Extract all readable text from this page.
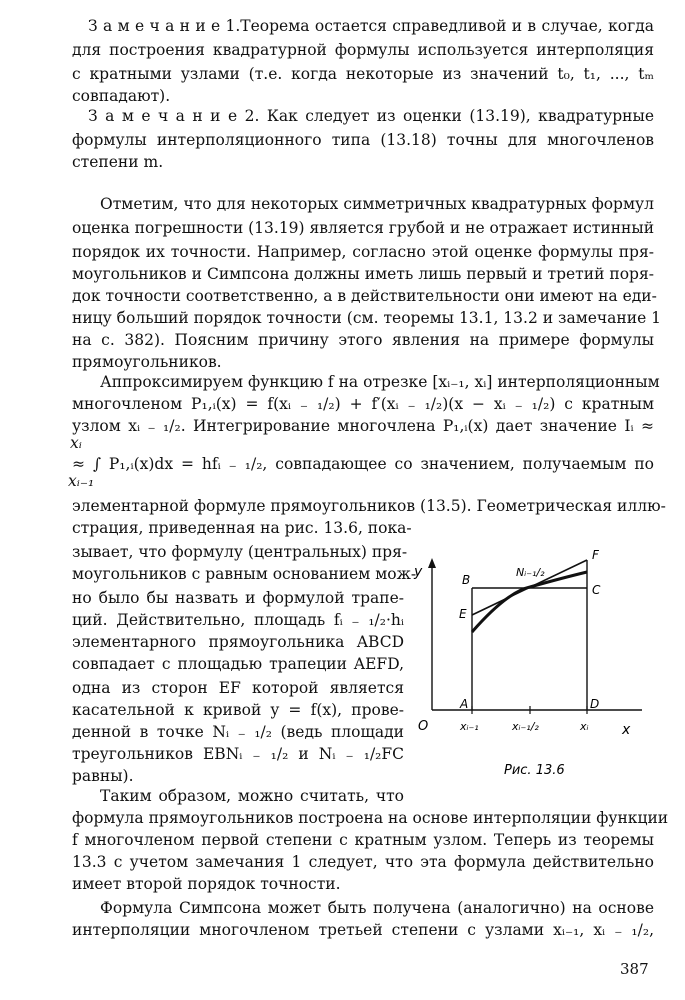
З а м е ч а н и е 1.Теорема остается справедливой и в случае, когда
для построения квадратурной формулы используется интерполяция
с кратными узлами (т.е. когда некоторые из значений t₀, t₁, ..., tₘ
совпадают).
З а м е ч а н и е 2. Как следует из оценки (13.19), квадратурные
формулы интерполяционного типа (13.18) точны для многочленов
степени m.
Отметим, что для некоторых симметричных квадратурных формул
оценка погрешности (13.19) является грубой и не отражает истинный
порядок их точности. Например, согласно этой оценке формулы пря-
моугольников и Симпсона должны иметь лишь первый и третий поря-
док точности соответственно, а в действительности они имеют на еди-
ницу больший порядок точности (см. теоремы 13.1, 13.2 и замечание 1
на с. 382). Поясним причину этого явления на примере формулы
прямоугольников.
Аппроксимируем функцию f на отрезке [xᵢ₋₁, xᵢ] интерполяционным
многочленом P₁,ᵢ(x) = f(xᵢ ₋ ₁/₂) + f′(xᵢ ₋ ₁/₂)(x − xᵢ ₋ ₁/₂) с кратным
узлом xᵢ ₋ ₁/₂. Интегрирование многочлена P₁,ᵢ(x) дает значение Iᵢ ≈
xᵢ
xᵢ₋₁
≈ ∫ P₁,ᵢ(x)dx = hfᵢ ₋ ₁/₂, совпадающее со значением, получаемым по
элементарной формуле прямоугольников (13.5). Геометрическая иллю-
страция, приведенная на рис. 13.6, пока-
зывает, что формулу (центральных) пря-
моугольников с равным основанием мож-
но было бы назвать и формулой трапе-
ций. Действительно, площадь fᵢ ₋ ₁/₂·hᵢ
элементарного прямоугольника ABCD
совпадает с площадью трапеции AEFD,
одна из сторон EF которой является
касательной к кривой y = f(x), прове-
денной в точке Nᵢ ₋ ₁/₂ (ведь площади
треугольников EBNᵢ ₋ ₁/₂ и Nᵢ ₋ ₁/₂FC
равны).
Таким образом, можно считать, что
y
x
O
B
C
F
E
A	D
Nᵢ₋₁/₂
xᵢ₋₁	xᵢ₋₁/₂	xᵢ
Рис. 13.6
формула прямоугольников построена на основе интерполяции функции
f многочленом первой степени с кратным узлом. Теперь из теоремы
13.3 с учетом замечания 1 следует, что эта формула действительно
имеет второй порядок точности.
Формула Симпсона может быть получена (аналогично) на основе
интерполяции многочленом третьей степени с узлами xᵢ₋₁, xᵢ ₋ ₁/₂,
387
